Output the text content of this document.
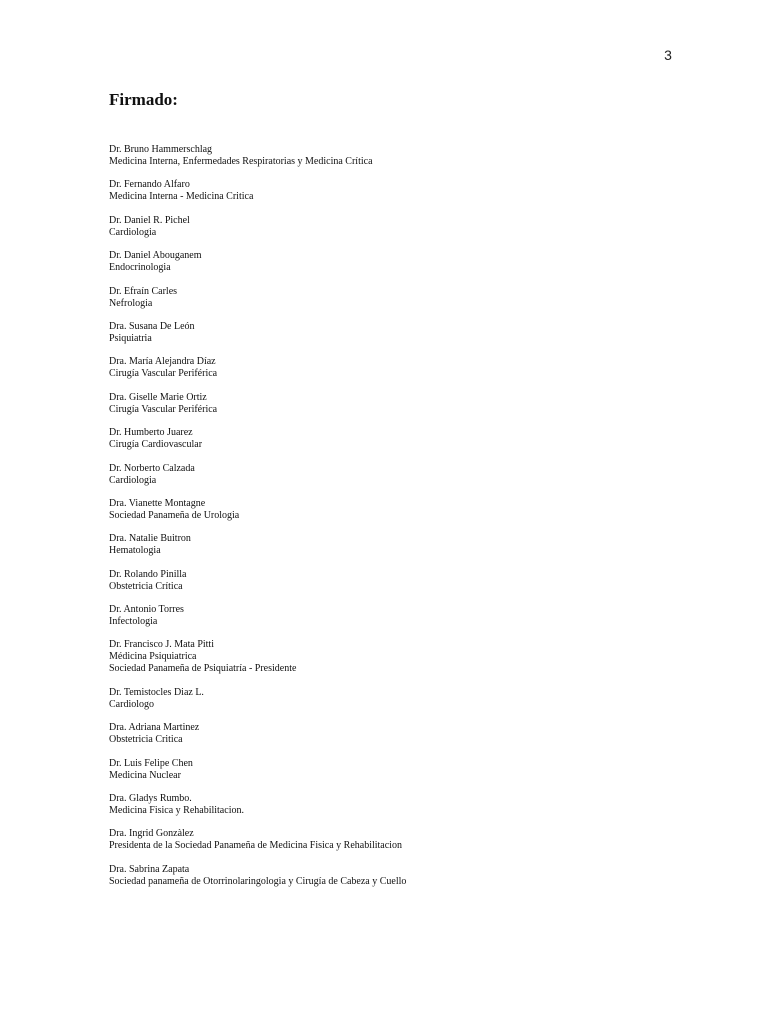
3
Firmado:
Dr. Bruno Hammerschlag
Medicina Interna, Enfermedades Respiratorias y Medicina Crítica
Dr. Fernando Alfaro
Medicina Interna - Medicina Critica
Dr. Daniel R. Pichel
Cardiologia
Dr. Daniel Abouganem
Endocrinologia
Dr. Efraín Carles
Nefrologia
Dra. Susana De León
Psiquiatria
Dra. María Alejandra Díaz
Cirugía Vascular Periférica
Dra. Giselle Marie Ortiz
Cirugía Vascular Periférica
Dr. Humberto Juarez
Cirugía Cardiovascular
Dr. Norberto Calzada
Cardiologia
Dra. Vianette Montagne
Sociedad Panameña de Urologia
Dra. Natalie Buitron
Hematologia
Dr. Rolando Pinilla
Obstetricia Crítica
Dr. Antonio Torres
Infectologia
Dr. Francisco J. Mata Pitti
Médicina Psiquiatrica
Sociedad Panameña de Psiquiatría - Presidente
Dr. Temistocles Diaz L.
Cardiologo
Dra. Adriana Martinez
Obstetricia Critica
Dr. Luis Felipe Chen
Medicina Nuclear
Dra. Gladys Rumbo.
Medicina Fisica y Rehabilitacion.
Dra. Ingrid Gonzàlez
Presidenta de la Sociedad Panameña de Medicina Fisica y Rehabilitacion
Dra. Sabrina Zapata
Sociedad panameña de Otorrinolaringologia y Cirugía de Cabeza y Cuello
